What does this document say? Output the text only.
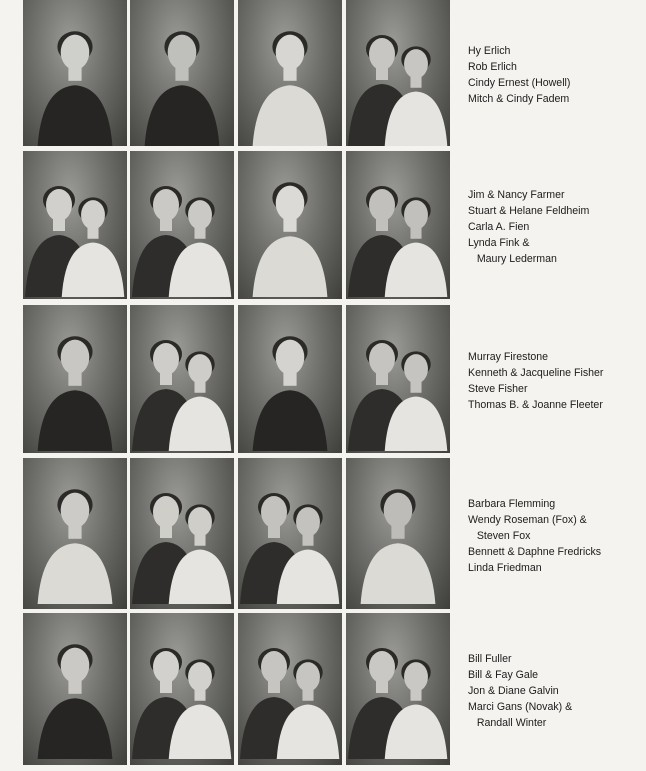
Hy Erlich
Rob Erlich
Cindy Ernest (Howell)
Mitch & Cindy Fadem
Jim & Nancy Farmer
Stuart & Helane Feldheim
Carla A. Fien
Lynda Fink &
Maury Lederman
Murray Firestone
Kenneth & Jacqueline Fisher
Steve Fisher
Thomas B. & Joanne Fleeter
Barbara Flemming
Wendy Roseman (Fox) &
Steven Fox
Bennett & Daphne Fredricks
Linda Friedman
Bill Fuller
Bill & Fay Gale
Jon & Diane Galvin
Marci Gans (Novak) &
Randall Winter
